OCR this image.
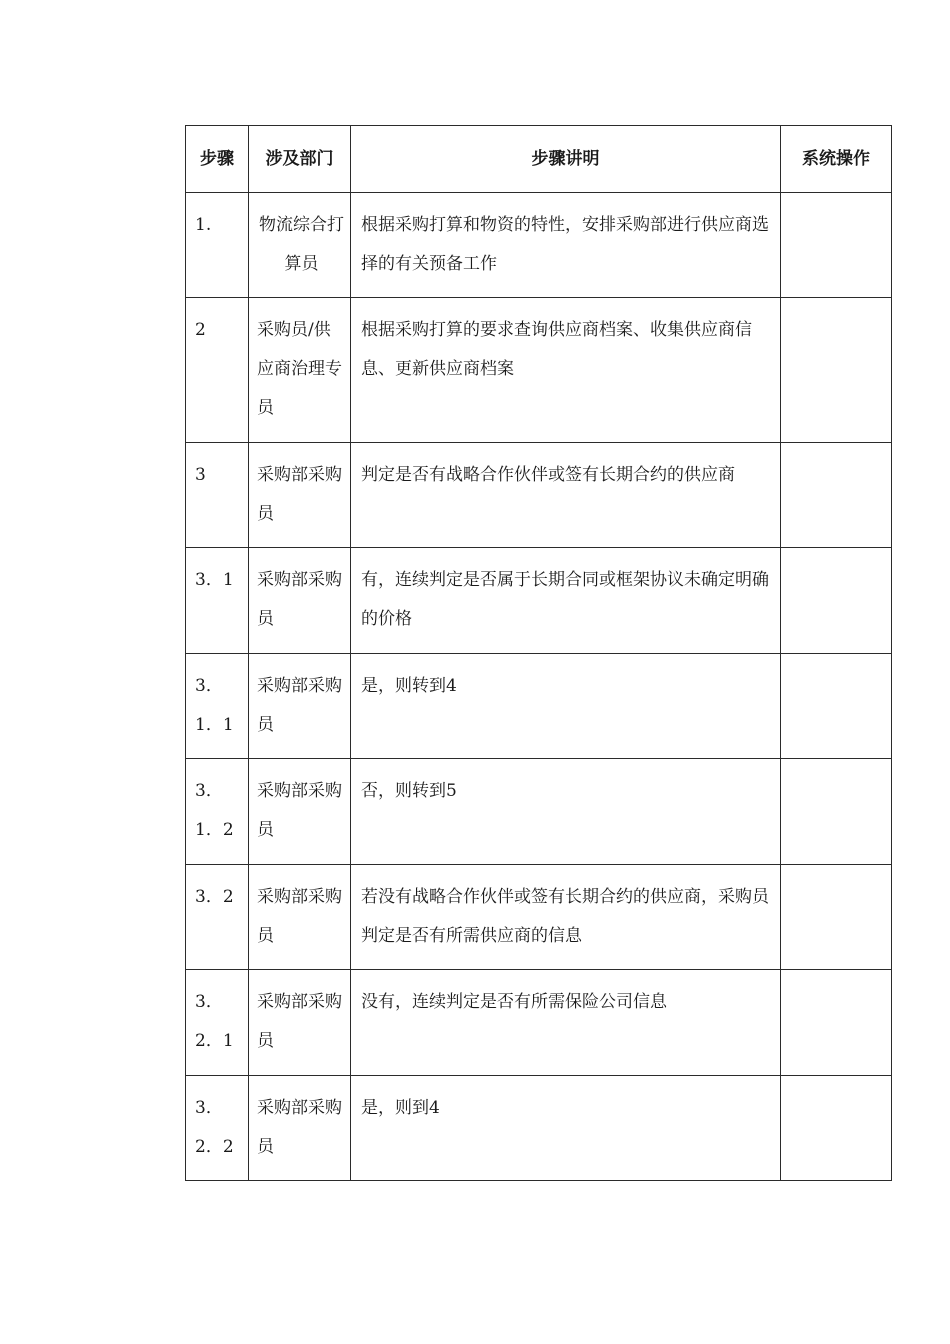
步骤	涉及部门	步骤讲明	系统操作

1.	物流综合打算员	根据采购打算和物资的特性，安排采购部进行供应商选择的有关预备工作	

2	采购员/供应商治理专员	根据采购打算的要求查询供应商档案、收集供应商信息、更新供应商档案	

3	采购部采购员	判定是否有战略合作伙伴或签有长期合约的供应商	

3．1	采购部采购员	有，连续判定是否属于长期合同或框架协议未确定明确的价格	

3．1．1	采购部采购员	是，则转到4	

3．1．2	采购部采购员	否，则转到5	

3．2	采购部采购员	若没有战略合作伙伴或签有长期合约的供应商，采购员判定是否有所需供应商的信息	

3．2．1	采购部采购员	没有，连续判定是否有所需保险公司信息	

3．2．2	采购部采购员	是，则到4	
